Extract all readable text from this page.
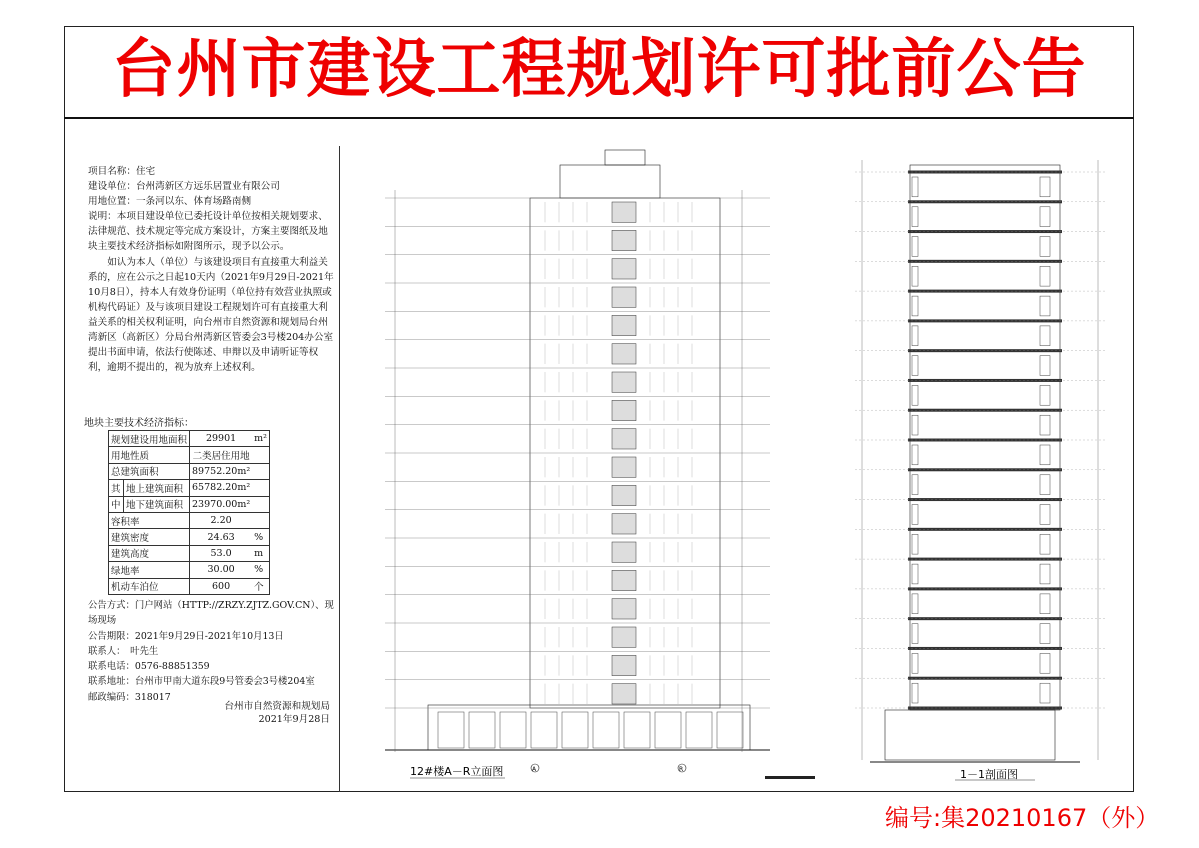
台州市建设工程规划许可批前公告

项目名称：住宅

建设单位：台州湾新区方远乐居置业有限公司

用地位置：一条河以东、体育场路南侧

说明：本项目建设单位已委托设计单位按相关规划要求、法律规范、技术规定等完成方案设计，方案主要图纸及地块主要技术经济指标如附图所示，现予以公示。

如认为本人（单位）与该建设项目有直接重大利益关系的，应在公示之日起10天内（2021年9月29日-2021年10月8日），持本人有效身份证明（单位持有效营业执照或机构代码证）及与该项目建设工程规划许可有直接重大利益关系的相关权利证明，向台州市自然资源和规划局台州湾新区（高新区）分局台州湾新区管委会3号楼204办公室提出书面申请，依法行使陈述、申辩以及申请听证等权利，逾期不提出的，视为放弃上述权利。

地块主要技术经济指标：
规划建设用地面积		29901	m²
用地性质		二类居住用地	
总建筑面积		89752.20m²	
其	地上建筑面积	65782.20m²	
中	地下建筑面积	23970.00m²	
容积率		2.20	
建筑密度		24.63	%
建筑高度		53.0	m
绿地率		30.00	%
机动车泊位		600	个

公告方式：门户网站（HTTP://ZRZY.ZJTZ.GOV.CN）、现场现场

公告期限：2021年9月29日-2021年10月13日

联系人：　叶先生

联系电话：0576-88851359

联系地址：台州市甲南大道东段9号管委会3号楼204室

邮政编码：318017

台州市自然资源和规划局
2021年9月28日
A	R
12#楼A－R立面图	1－1剖面图
编号:集20210167（外）
